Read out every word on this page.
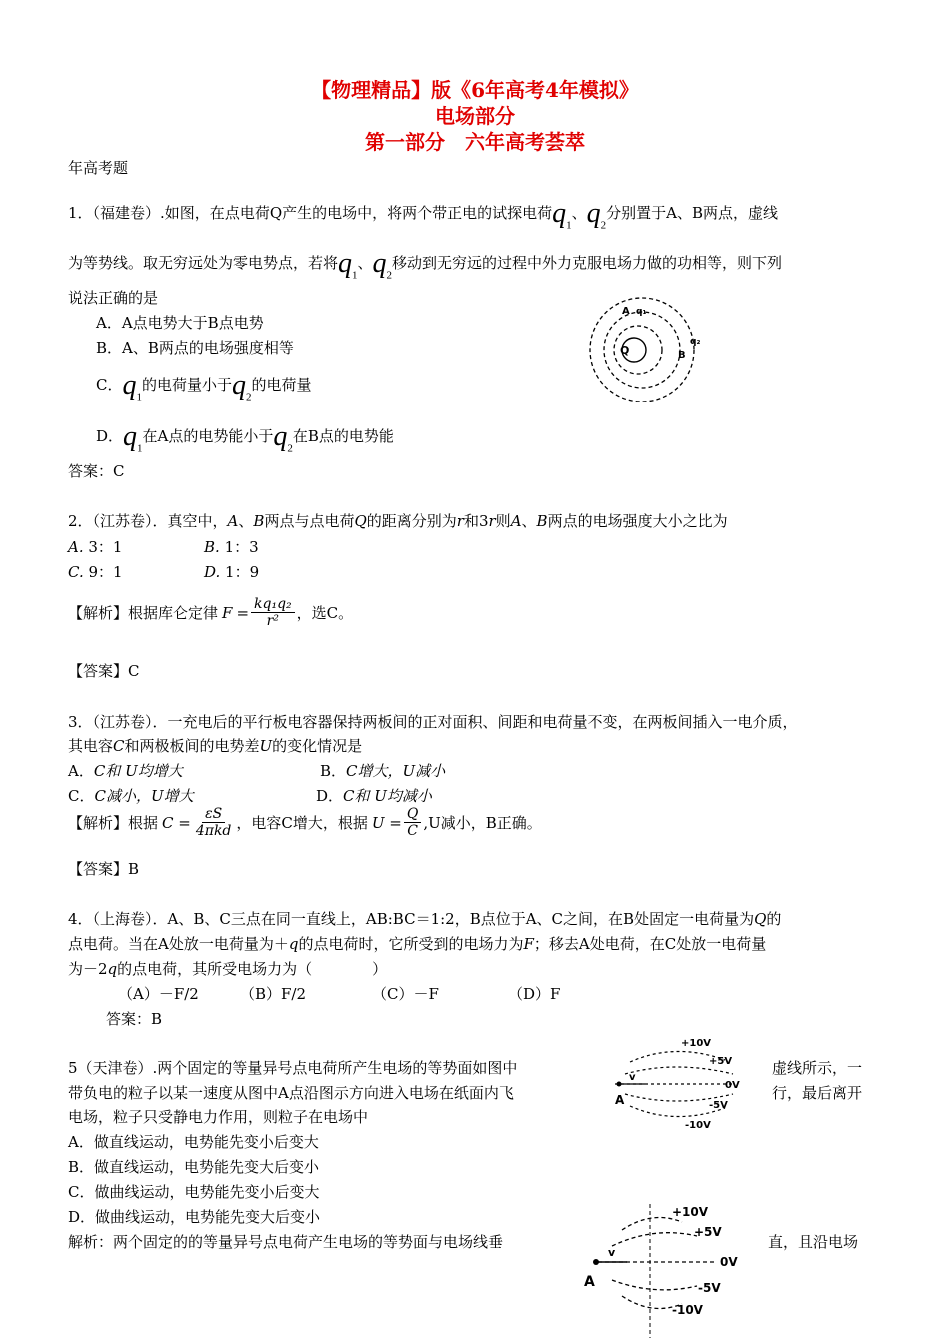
【物理精品】版《6年高考4年模拟》
电场部分
第一部分　六年高考荟萃
年高考题
1．（福建卷）.如图，在点电荷Q产生的电场中，将两个带正电的试探电荷$q_1$、$q_2$分别置于A、B两点，虚线
为等势线。取无穷远处为零电势点，若将$q_1$、$q_2$移动到无穷远的过程中外力克服电场力做的功相等，则下列
说法正确的是
A．A点电势大于B点电势
B．A、B两点的电场强度相等
C．$q_1$的电荷量小于$q_2$的电荷量
D．$q_1$在A点的电势能小于$q_2$在B点的电势能
答案：C
Q
A q₁
B
q₂
2．（江苏卷）．真空中，A、B两点与点电荷Q的距离分别为r和3r则A、B两点的电场强度大小之比为
A. 3：1	B. 1：3
C. 9：1	D. 1：9
【解析】根据库仑定律 $F = \frac{\text{kq₁q₂}}{\text{r²}}$ ，选C。
【答案】C
3．（江苏卷）．一充电后的平行板电容器保持两板间的正对面积、间距和电荷量不变，在两板间插入一电介质，
其电容C和两极板间的电势差U的变化情况是
A．C和 U均增大	B．C增大，U减小
C．C减小，U增大	D．C和 U均减小
【解析】根据 $C = \frac{\varepsilon S}{\text{4πkd}}$ ，电容C增大，根据 $U = \frac{Q}{C} ,U$减小，B正确。
【答案】B
4．（上海卷）．A、B、C三点在同一直线上，AB:BC＝1:2，B点位于A、C之间，在B处固定一电荷量为Q的
点电荷。当在A处放一电荷量为＋q的点电荷时，它所受到的电场力为F；移去A处电荷，在C处放一电荷量
为－2q的点电荷，其所受电场力为（　　　　）
（A）－F/2	（B）F/2	（C）－F	（D）F
答案：B
5（天津卷）.两个固定的等量异号点电荷所产生电场的等势面如图中	虚线所示，一
带负电的粒子以某一速度从图中A点沿图示方向进入电场在纸面内飞	行，最后离开
电场，粒子只受静电力作用，则粒子在电场中
A．做直线运动，电势能先变小后变大
B．做直线运动，电势能先变大后变小
C．做曲线运动，电势能先变小后变大
D．做曲线运动，电势能先变大后变小
解析：两个固定的的等量异号点电荷产生电场的等势面与电场线垂	直，且沿电场
+10V
+5V
0V
-5V
-10V
A
v
+10V
+5V
0V
-5V
-10V
A
v
